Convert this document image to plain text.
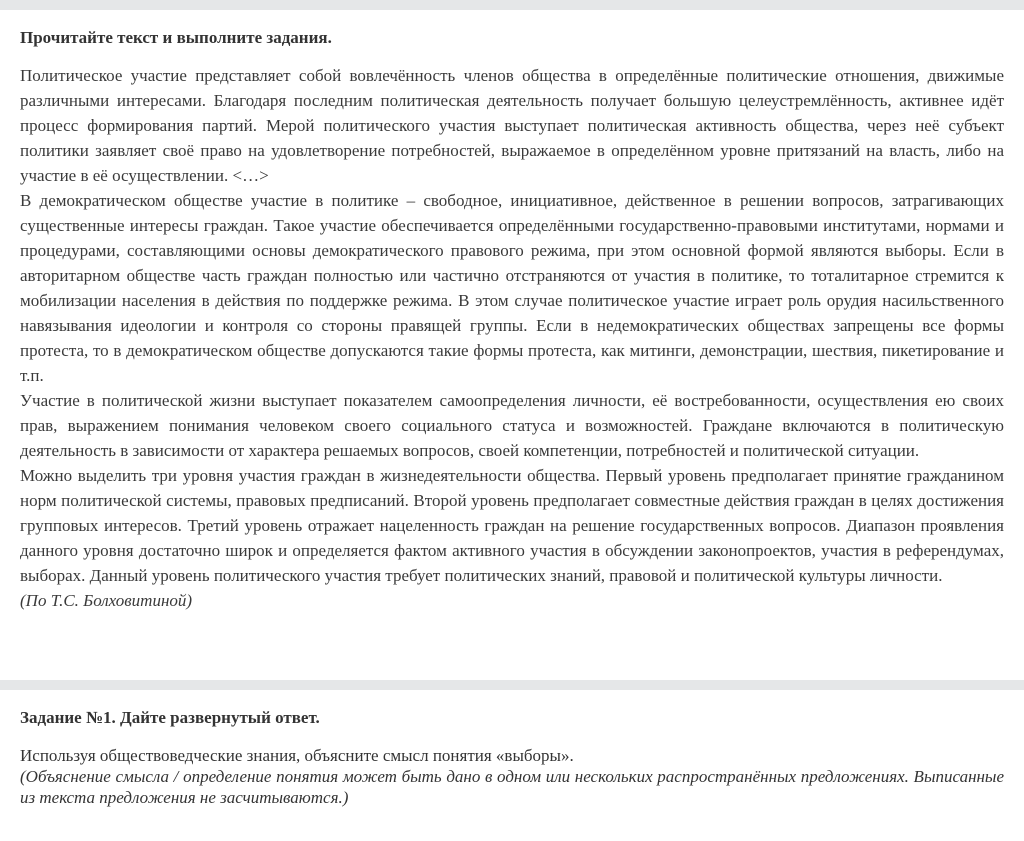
Прочитайте текст и выполните задания.

Политическое участие представляет собой вовлечённость членов общества в определённые политические отношения, движимые различными интересами. Благодаря последним политическая деятельность получает большую целеустремлённость, активнее идёт процесс формирования партий. Мерой политического участия выступает политическая активность общества, через неё субъект политики заявляет своё право на удовлетворение потребностей, выражаемое в определённом уровне притязаний на власть, либо на участие в её осуществлении. <…>

В демократическом обществе участие в политике – свободное, инициативное, действенное в решении вопросов, затрагивающих существенные интересы граждан. Такое участие обеспечивается определёнными государственно-правовыми институтами, нормами и процедурами, составляющими основы демократического правового режима, при этом основной формой являются выборы. Если в авторитарном обществе часть граждан полностью или частично отстраняются от участия в политике, то тоталитарное стремится к мобилизации населения в действия по поддержке режима. В этом случае политическое участие играет роль орудия насильственного навязывания идеологии и контроля со стороны правящей группы. Если в недемократических обществах запрещены все формы протеста, то в демократическом обществе допускаются такие формы протеста, как митинги, демонстрации, шествия, пикетирование и т.п.

Участие в политической жизни выступает показателем самоопределения личности, её востребованности, осуществления ею своих прав, выражением понимания человеком своего социального статуса и возможностей. Граждане включаются в политическую деятельность в зависимости от характера решаемых вопросов, своей компетенции, потребностей и политической ситуации.

Можно выделить три уровня участия граждан в жизнедеятельности общества. Первый уровень предполагает принятие гражданином норм политической системы, правовых предписаний. Второй уровень предполагает совместные действия граждан в целях достижения групповых интересов. Третий уровень отражает нацеленность граждан на решение государственных вопросов. Диапазон проявления данного уровня достаточно широк и определяется фактом активного участия в обсуждении законопроектов, участия в референдумах, выборах. Данный уровень политического участия требует политических знаний, правовой и политической культуры личности.

(По Т.С. Болховитиной)

Задание №1. Дайте развернутый ответ.

Используя обществоведческие знания, объясните смысл понятия «выборы».

(Объяснение смысла / определение понятия может быть дано в одном или нескольких распространённых предложениях. Выписанные из текста предложения не засчитываются.)
